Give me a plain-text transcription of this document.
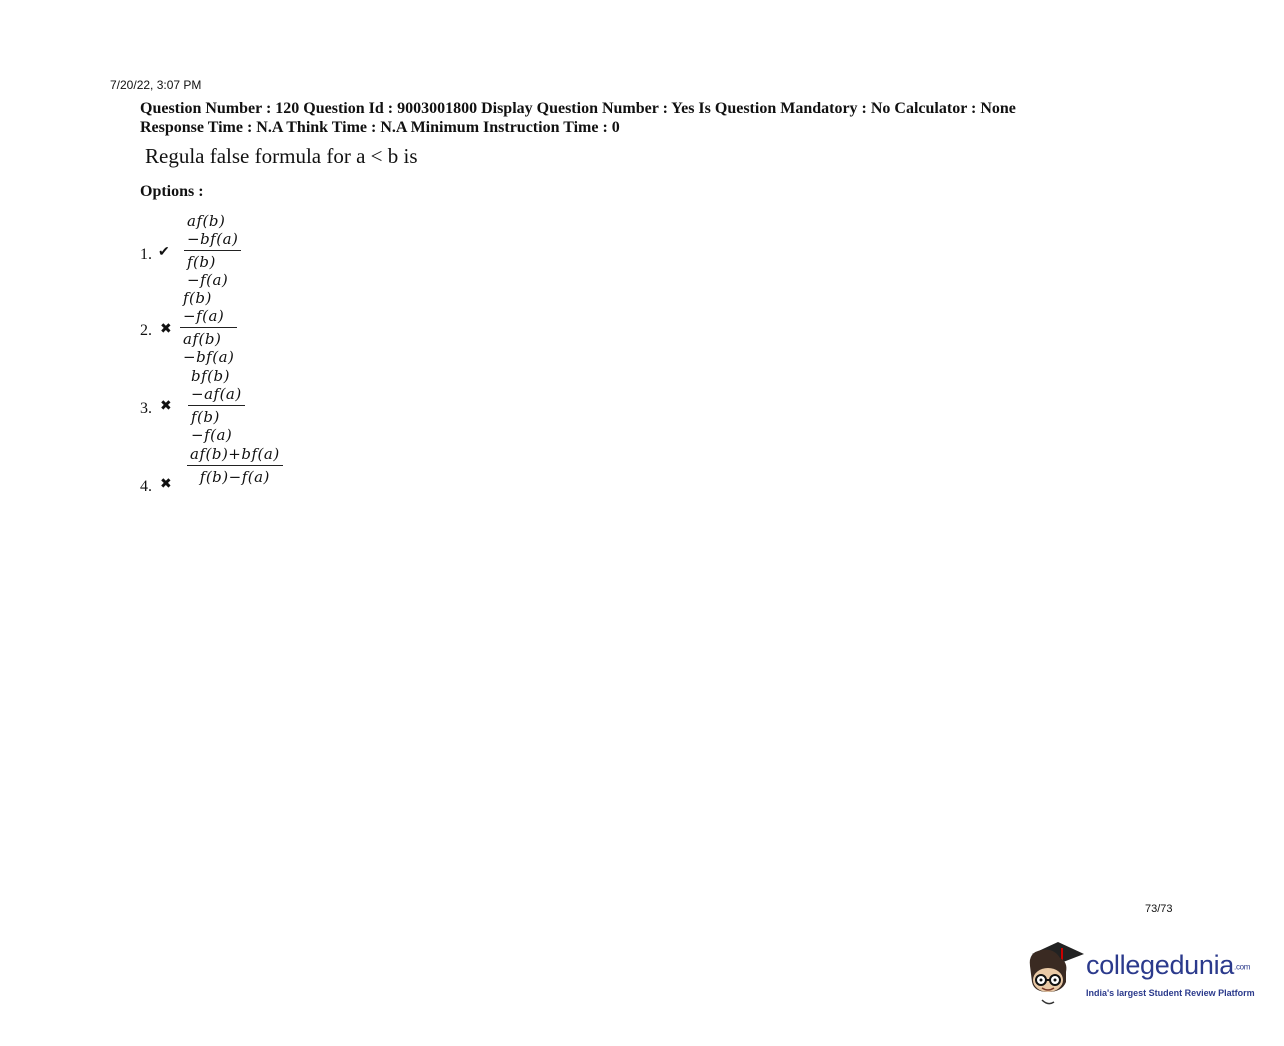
7/20/22, 3:07 PM
Question Number : 120 Question Id : 9003001800 Display Question Number : Yes Is Question Mandatory : No Calculator : None
Response Time : N.A Think Time : N.A Minimum Instruction Time : 0
Regula false formula for a < b is
Options :
1. ✔ $\frac{af(b)-bf(a)}{f(b)-f(a)}$
2. ✖ $\frac{f(b)-f(a)}{af(b)-bf(a)}$
3. ✖ $\frac{bf(b)-af(a)}{f(b)-f(a)}$
4. ✖ $\frac{af(b)+bf(a)}{f(b)-f(a)}$
73/73
collegedunia.com
India's largest Student Review Platform
